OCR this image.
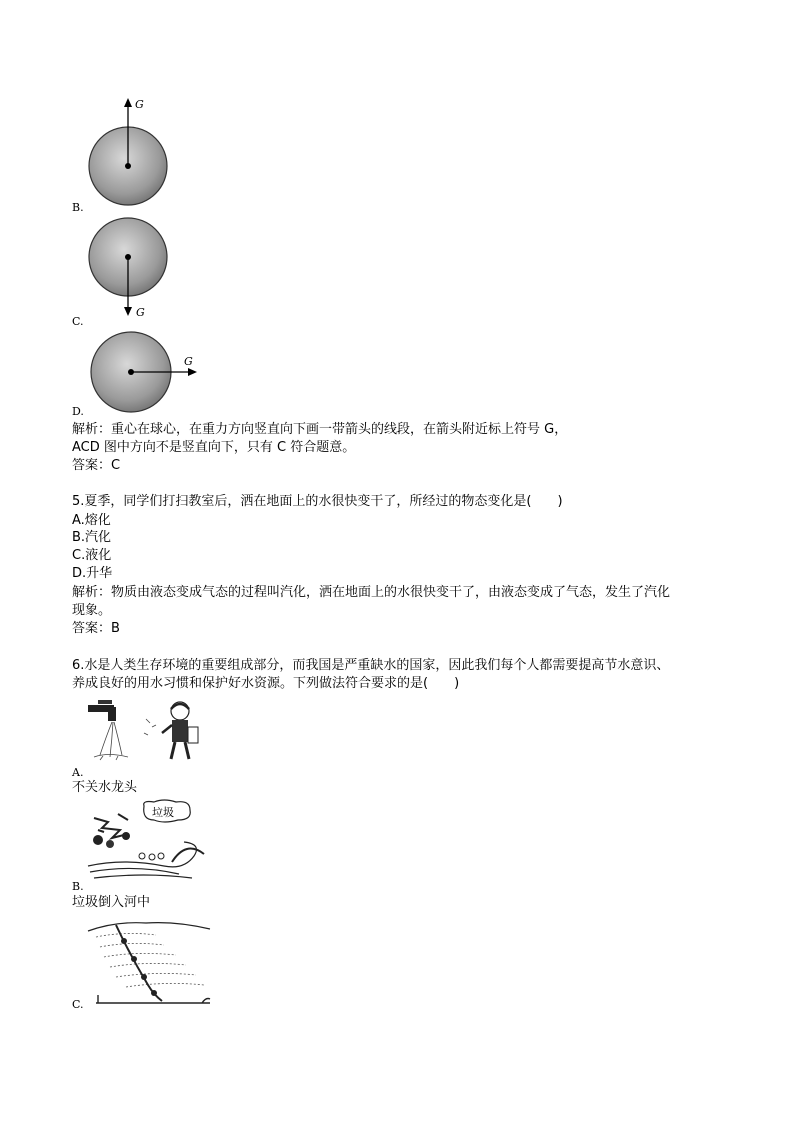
G
B.
G
C.
G
D.
解析：重心在球心，在重力方向竖直向下画一带箭头的线段，在箭头附近标上符号 G，
ACD 图中方向不是竖直向下，只有 C 符合题意。
答案：C
5.夏季，同学们打扫教室后，洒在地面上的水很快变干了，所经过的物态变化是(　　)
A.熔化
B.汽化
C.液化
D.升华
解析：物质由液态变成气态的过程叫汽化，洒在地面上的水很快变干了，由液态变成了气态，发生了汽化
现象。
答案：B
6.水是人类生存环境的重要组成部分，而我国是严重缺水的国家，因此我们每个人都需要提高节水意识、
养成良好的用水习惯和保护好水资源。下列做法符合要求的是(　　)
A.
不关水龙头
垃圾
B.
垃圾倒入河中
C.
